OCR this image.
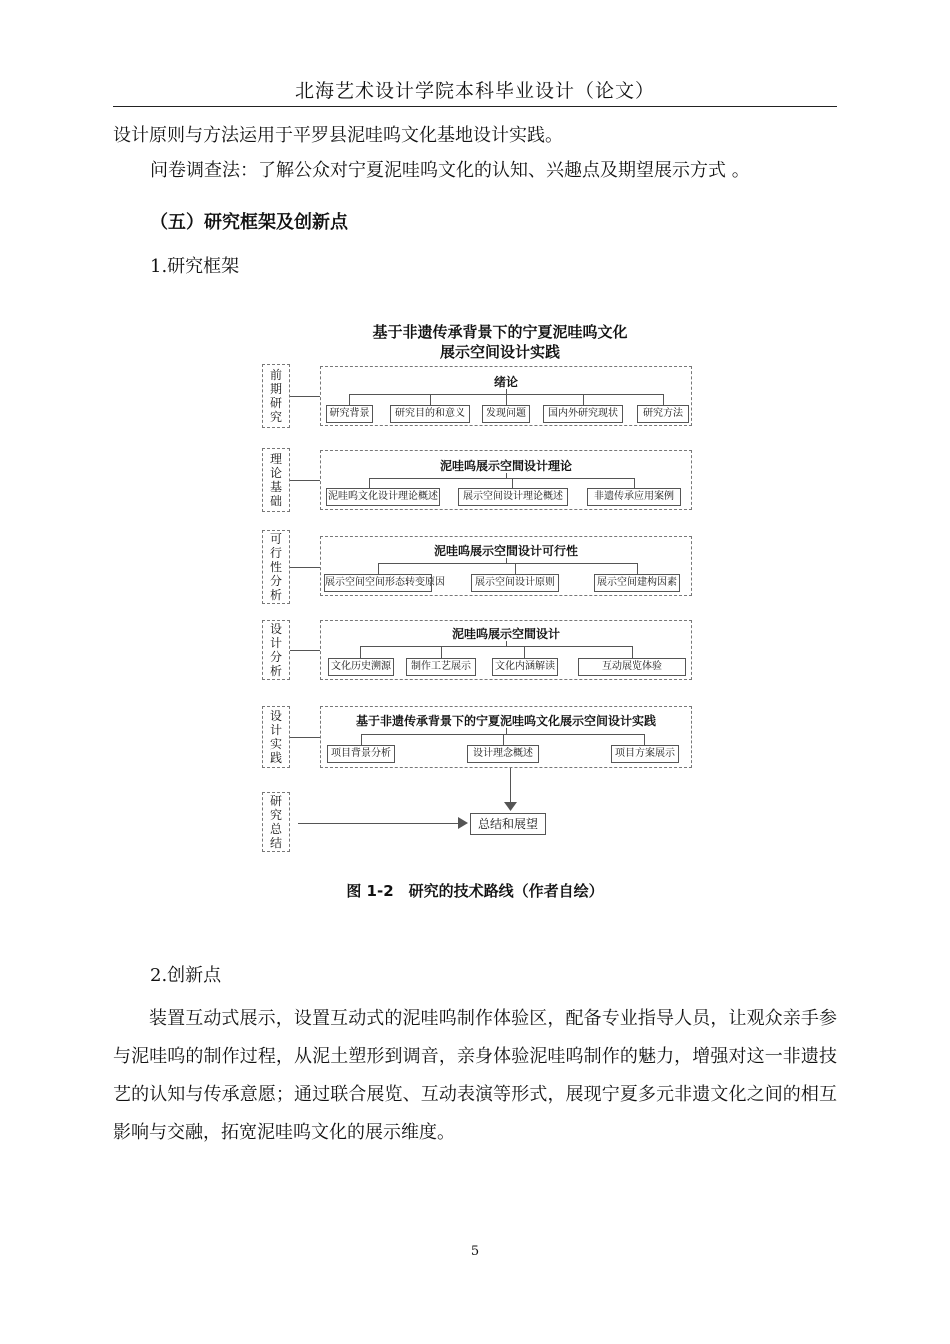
北海艺术设计学院本科毕业设计（论文）
设计原则与方法运用于平罗县泥哇呜文化基地设计实践。
问卷调查法：了解公众对宁夏泥哇呜文化的认知、兴趣点及期望展示方式 。
（五）研究框架及创新点
1.研究框架
基于非遗传承背景下的宁夏泥哇呜文化
展示空间设计实践
前期研究
绪论
研究背景	研究目的和意义	发现问题	国内外研究现状	研究方法
理论基础
泥哇呜展示空間设计理论
泥哇呜文化设计理论概述	展示空间设计理论概述	非遗传承应用案例
可行性分析
泥哇呜展示空間设计可行性
展示空间空间形态转变原因	展示空间设计原则	展示空间建构因素
设计分析
泥哇呜展示空間设计
文化历史溯源	制作工艺展示	文化内涵解读	互动展览体验
设计实践
基于非遗传承背景下的宁夏泥哇呜文化展示空间设计实践
项目背景分析	设计理念概述	项目方案展示
研究总结
总结和展望
图 1-2　研究的技术路线（作者自绘）
2.创新点
装置互动式展示，设置互动式的泥哇呜制作体验区，配备专业指导人员，让观众亲手参与泥哇呜的制作过程，从泥土塑形到调音，亲身体验泥哇呜制作的魅力，增强对这一非遗技艺的认知与传承意愿；通过联合展览、互动表演等形式，展现宁夏多元非遗文化之间的相互影响与交融，拓宽泥哇呜文化的展示维度。
5
